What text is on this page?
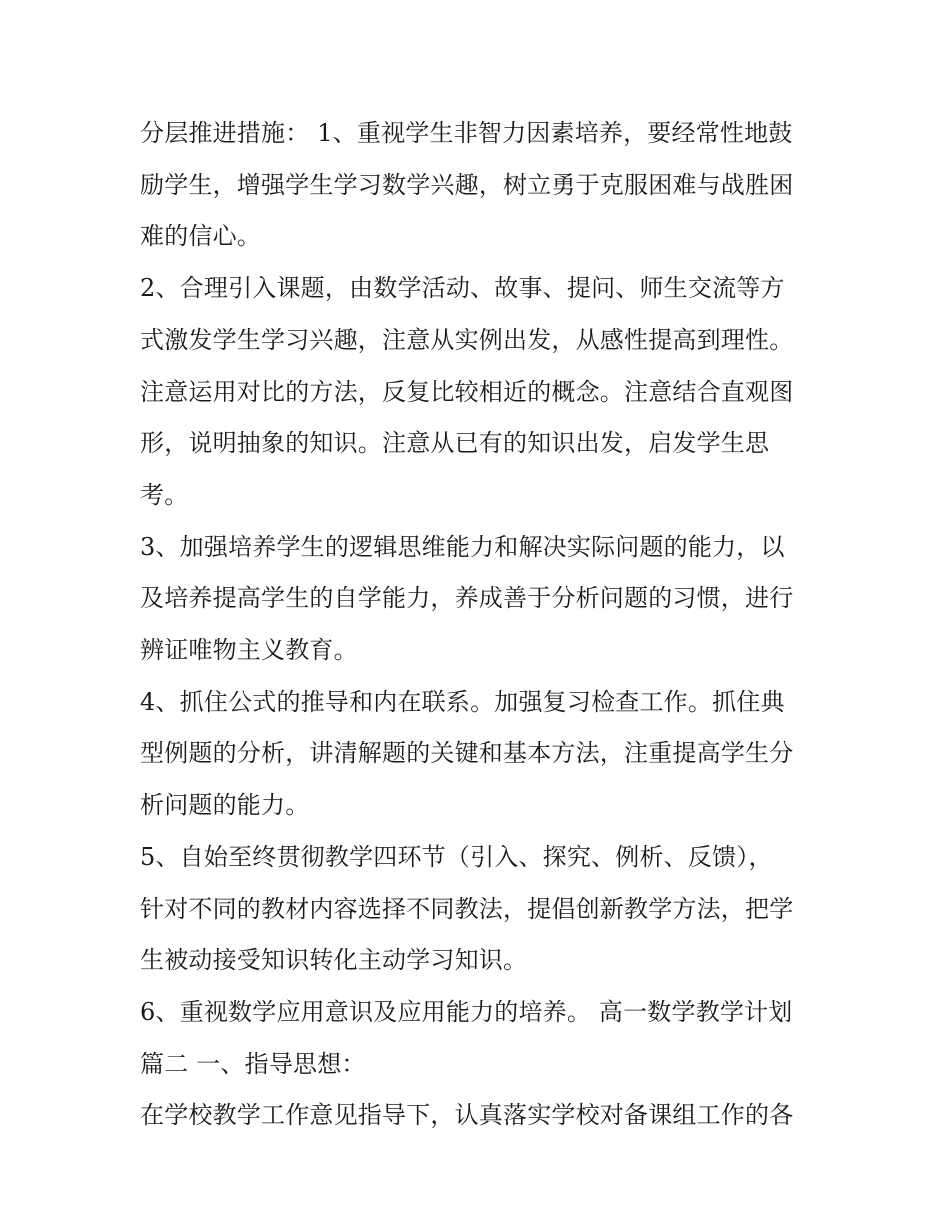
分层推进措施： 1、重视学生非智力因素培养，要经常性地鼓
励学生，增强学生学习数学兴趣，树立勇于克服困难与战胜困
难的信心。

2、合理引入课题，由数学活动、故事、提问、师生交流等方
式激发学生学习兴趣，注意从实例出发，从感性提高到理性。
注意运用对比的方法，反复比较相近的概念。注意结合直观图
形，说明抽象的知识。注意从已有的知识出发，启发学生思
考。

3、加强培养学生的逻辑思维能力和解决实际问题的能力，以
及培养提高学生的自学能力，养成善于分析问题的习惯，进行
辨证唯物主义教育。

4、抓住公式的推导和内在联系。加强复习检查工作。抓住典
型例题的分析，讲清解题的关键和基本方法，注重提高学生分
析问题的能力。

5、自始至终贯彻教学四环节（引入、探究、例析、反馈），
针对不同的教材内容选择不同教法，提倡创新教学方法，把学
生被动接受知识转化主动学习知识。

6、重视数学应用意识及应用能力的培养。 高一数学教学计划
篇二 一、指导思想：

在学校教学工作意见指导下，认真落实学校对备课组工作的各
